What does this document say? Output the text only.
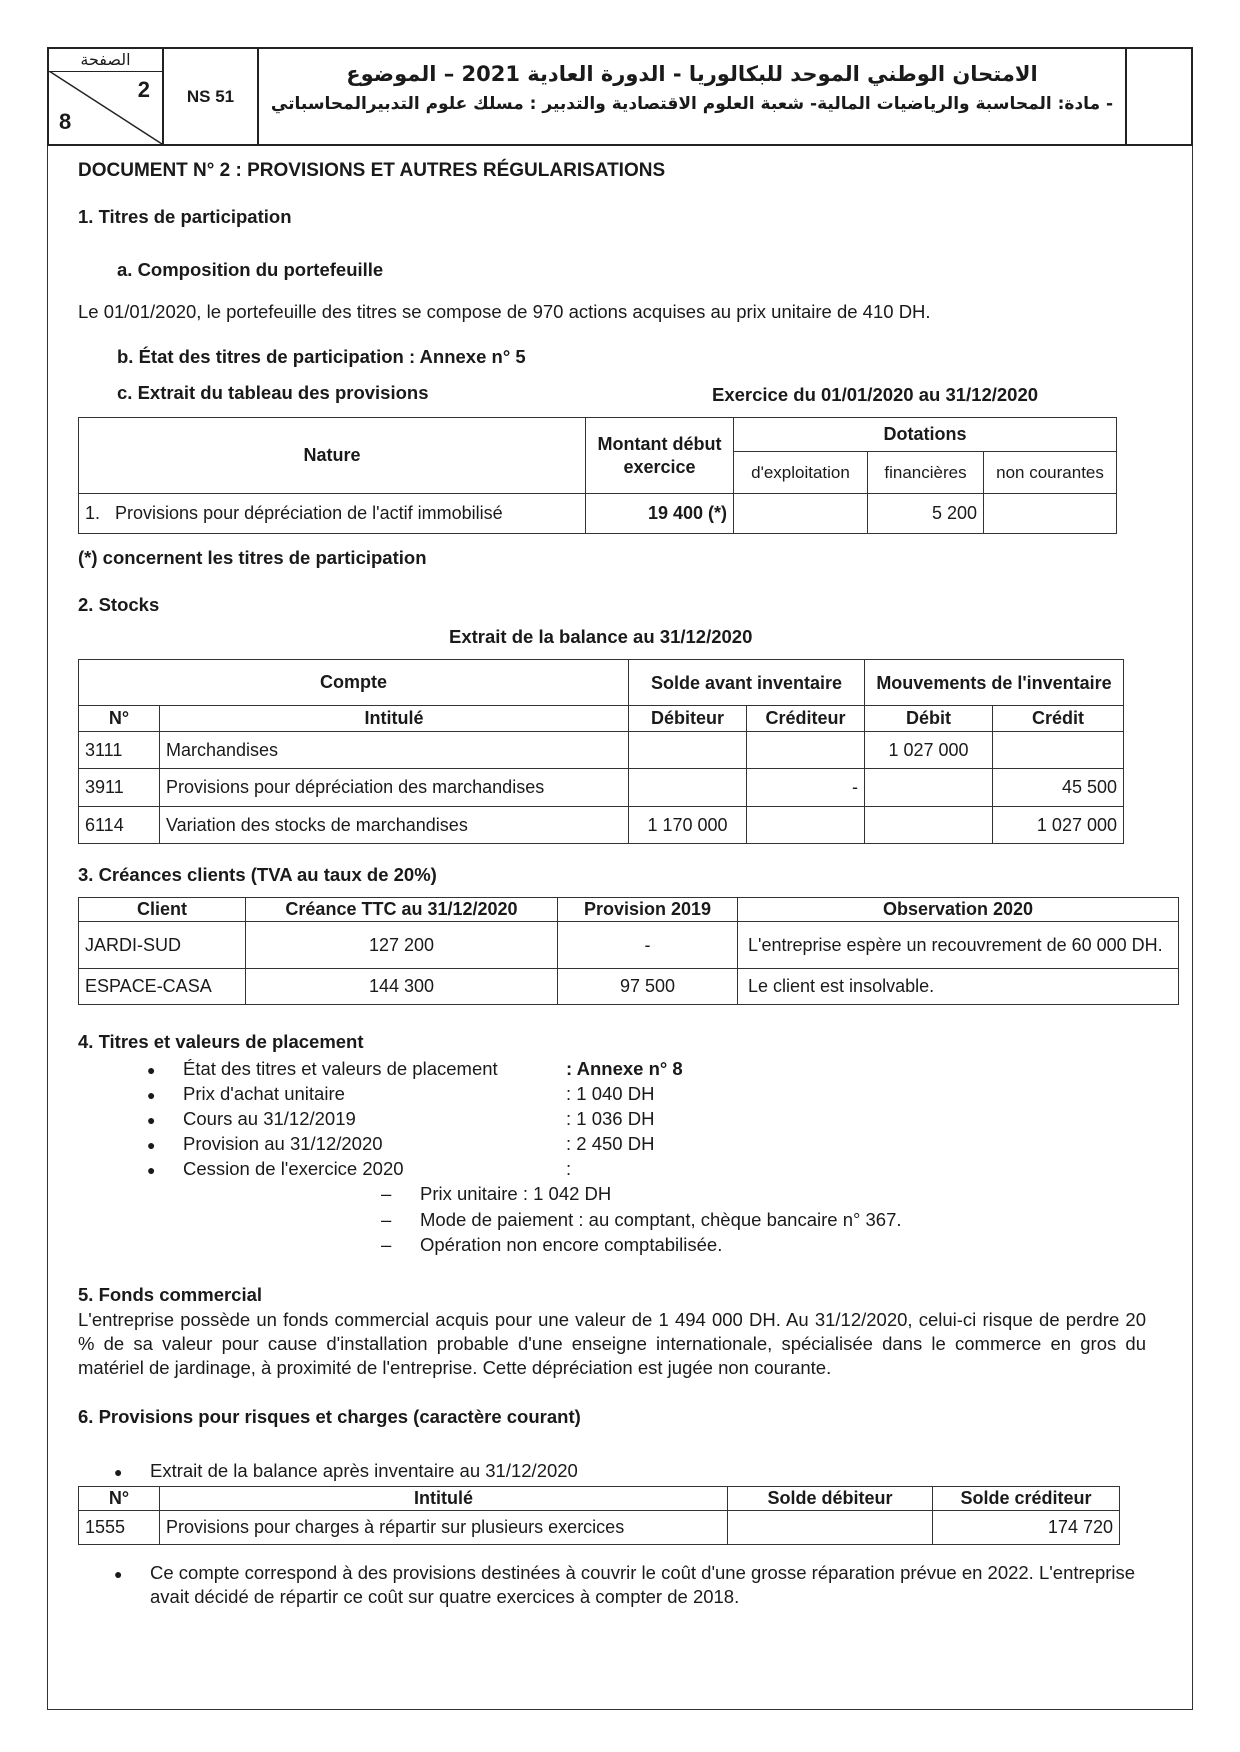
الصفحة
2
8
NS 51
الامتحان الوطني الموحد للبكالوريا - الدورة العادية 2021 – الموضوع
- مادة: المحاسبة والرياضيات المالية- شعبة العلوم الاقتصادية والتدبير : مسلك علوم التدبيرالمحاسباتي
DOCUMENT N° 2 : PROVISIONS ET AUTRES RÉGULARISATIONS
1. Titres de participation
a. Composition du portefeuille
Le 01/01/2020, le portefeuille des titres se compose de 970 actions acquises au prix unitaire de 410 DH.
b. État des titres de participation : Annexe n° 5
c. Extrait du tableau des provisions	Exercice du 01/01/2020 au 31/12/2020
Nature	Montant début exercice	Dotations		
		d'exploitation	financières	non courantes
1. Provisions pour dépréciation de l'actif immobilisé	19 400 (*)		5 200	
(*) concernent les titres de participation
2. Stocks
Extrait de la balance au 31/12/2020
Compte		Solde avant inventaire		Mouvements de l'inventaire	
N°	Intitulé	Débiteur	Créditeur	Débit	Crédit
3111	Marchandises			1 027 000	
3911	Provisions pour dépréciation des marchandises		-		45 500
6114	Variation des stocks de marchandises	1 170 000			1 027 000
3. Créances clients (TVA au taux de 20%)
Client	Créance TTC au 31/12/2020	Provision 2019	Observation 2020
JARDI-SUD	127 200	-	L'entreprise espère un recouvrement de 60 000 DH.
ESPACE-CASA	144 300	97 500	Le client est insolvable.
4. Titres et valeurs de placement
● État des titres et valeurs de placement	: Annexe n° 8
● Prix d'achat unitaire	: 1 040 DH
● Cours au 31/12/2019	: 1 036 DH
● Provision au 31/12/2020	: 2 450 DH
● Cession de l'exercice 2020	:
– Prix unitaire : 1 042 DH
– Mode de paiement : au comptant, chèque bancaire n° 367.
– Opération non encore comptabilisée.
5. Fonds commercial
L'entreprise possède un fonds commercial acquis pour une valeur de 1 494 000 DH. Au 31/12/2020, celui-ci risque de perdre 20 % de sa valeur pour cause d'installation probable d'une enseigne internationale, spécialisée dans le commerce en gros du matériel de jardinage, à proximité de l'entreprise. Cette dépréciation est jugée non courante.
6. Provisions pour risques et charges (caractère courant)
● Extrait de la balance après inventaire au 31/12/2020
N°	Intitulé	Solde débiteur	Solde créditeur
1555	Provisions pour charges à répartir sur plusieurs exercices		174 720
● Ce compte correspond à des provisions destinées à couvrir le coût d'une grosse réparation prévue en 2022. L'entreprise avait décidé de répartir ce coût sur quatre exercices à compter de 2018.
